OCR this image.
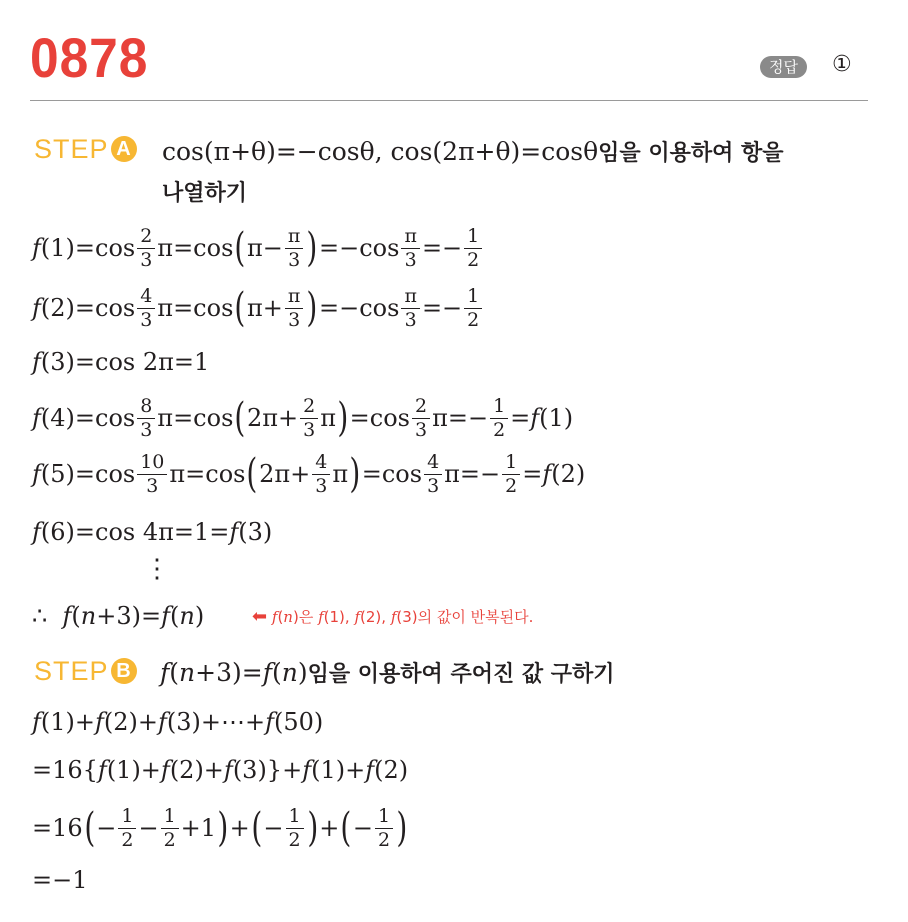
0878	정답	①
STEP A cos(π+θ)=−cosθ, cos(2π+θ)=cosθ임을 이용하여 항을
나열하기
$f(1)=\cos \frac{2}{3} \pi=\cos$ ( $\pi- \frac{\pi}{3}$ ) $=-\cos \frac{\pi}{3} =- \frac{1}{2}$
$f(2)=\cos \frac{4}{3} \pi=\cos$ ( $\pi+ \frac{\pi}{3}$ ) $=-\cos \frac{\pi}{3} =- \frac{1}{2}$
f(3)=cos 2π=1
$f(4)=\cos \frac{8}{3} \pi=\cos$ ( $2\pi+ \frac{2}{3}$ π ) $=\cos \frac{2}{3} \pi=- \frac{1}{2} =f(1)$
$f(5)=\cos \frac{10}{3} \pi=\cos$ ( $2\pi+ \frac{4}{3}$ π ) $=\cos \frac{4}{3} \pi=- \frac{1}{2} =f(2)$
f(6)=cos 4π=1=f(3)
⋮
∴  f(n+3)=f(n)	⬅ f(n)은 f(1), f(2), f(3)의 값이 반복된다.
STEP B f(n+3)=f(n)임을 이용하여 주어진 값 구하기
f(1)+f(2)+f(3)+⋯+f(50)
=16{f(1)+f(2)+f(3)}+f(1)+f(2)
=16 ( − $\frac{1}{2} - \frac{1}{2} +1$ ) + ( − $\frac{1}{2}$ ) + ( − $\frac{1}{2}$ )
=−1
